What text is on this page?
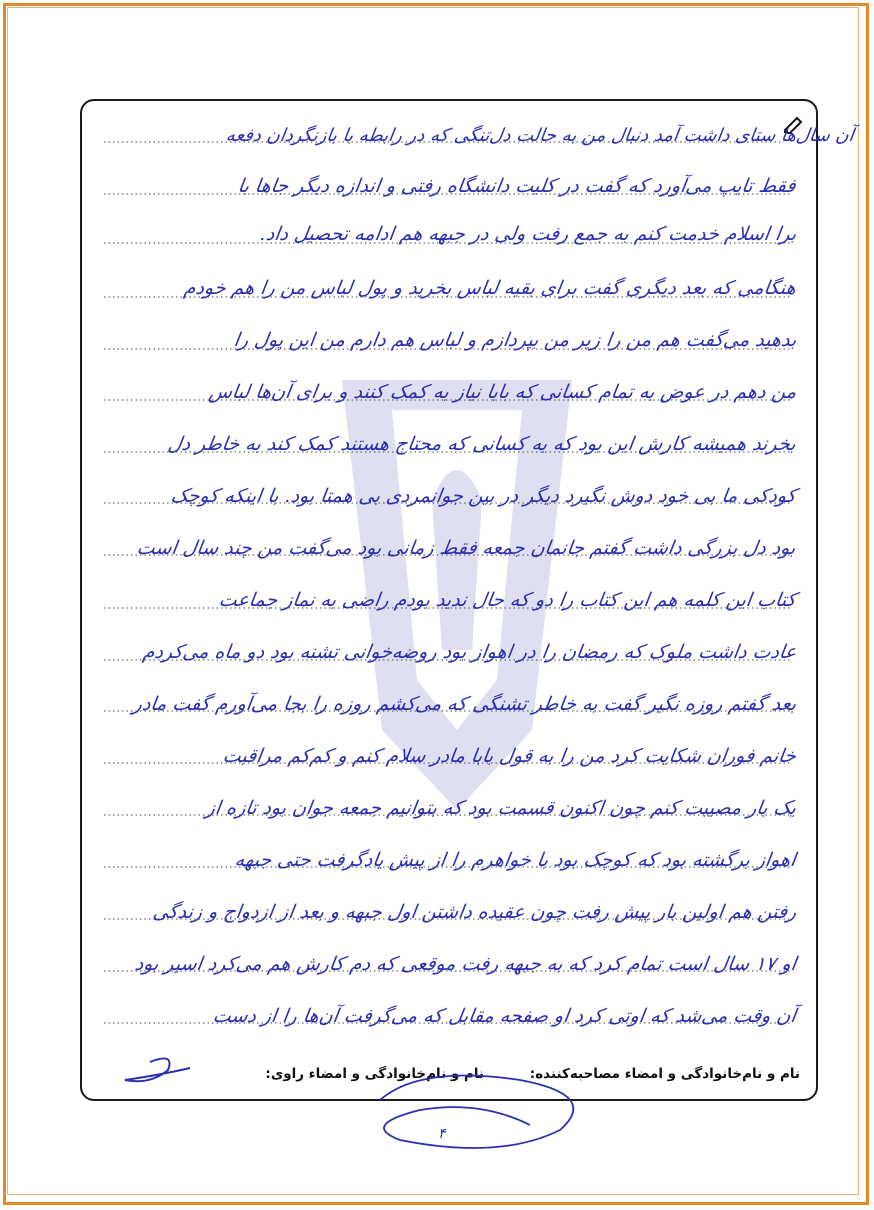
آن سال‌ها ستای داشت آمد دنبال من به حالت دل‌تنگی که در رابطه با بازنگردان دفعه
فقط تایپ می‌آورد که گفت در کلیت دانشگاه رفتی و اندازه دیگر جاها با
برا اسلام خدمت کنم به جمع رفت ولی در جبهه هم ادامه تحصیل داد.
هنگامی که بعد دیگری گفت برای بقیه لباس بخرید و پول لباس من را هم خودم
بدهید می‌گفت هم من را زیر من بپردازم و لباس هم دارم من این پول را
من دهم در عوض به تمام کسانی که بابا نیاز به کمک کنند و برای آن‌ها لباس
بخرند همیشه کارش این بود که به کسانی که محتاج هستند کمک کند به خاطر دل
کودکی ما بی خود دوش نگیرد دیگر در بین جوانمردی بی همتا بود. با اینکه کوچک
بود دل بزرگی داشت گفتم جانمان جمعه فقط زمانی بود می‌گفت من چند سال است
کتاب این کلمه هم این کتاب را دو که حال ندید بودم راضی به نماز جماعت
عادت داشت ملوک که رمضان را در اهواز بود روضه‌خوانی تشنه بود دو ماه می‌کردم
بعد گفتم روزه نگیر گفت به خاطر تشنگی که می‌کشم روزه را بجا می‌آورم گفت مادر
خانم فوران شکایت کرد من را به قول بابا مادر سلام کنم و کم‌کم مراقبت
یک بار مصیبت کنم چون اکنون قسمت بود که بتوانیم جمعه جوان بود تازه از
اهواز برگشته بود که کوچک بود با خواهرم را از پیش یادگرفت حتی جبهه
رفتن هم اولین بار پیش رفت چون عقیده داشتن اول جبهه و بعد از ازدواج و زندگی
او ۱۷ سال است تمام کرد که به جبهه رفت موقعی که دم کارش هم می‌کرد اسیر بود
آن وقت می‌شد که اوتی کرد او صفحه مقابل که می‌گرفت آن‌ها را از دست
نام و نام‌خانوادگی و امضاء مصاحبه‌کننده:
نام و نام‌خانوادگی و امضاء راوی:
۴
